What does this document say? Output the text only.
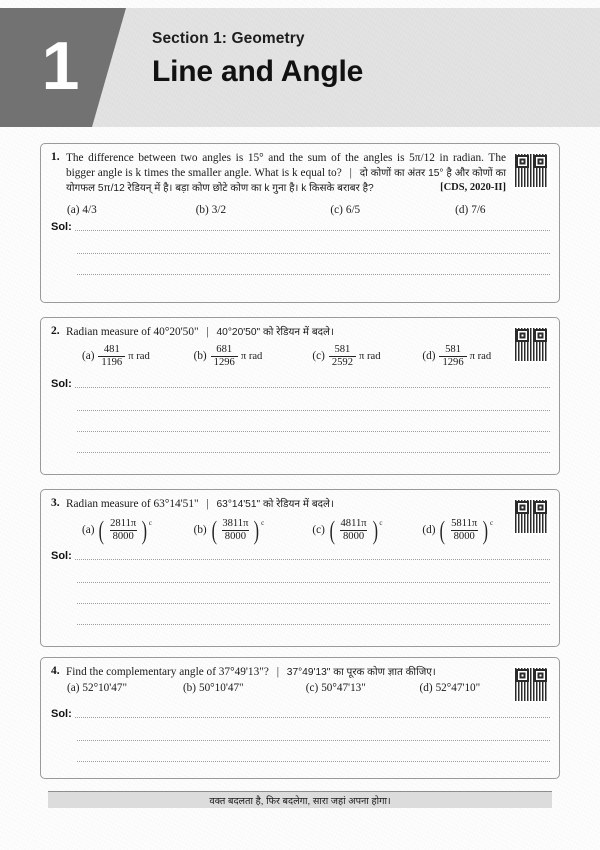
1	Section 1: Geometry
Line and Angle
1. The difference between two angles is 15° and the sum of the angles is 5π/12 in radian. The bigger angle is k times the smaller angle. What is k equal to? | दो कोणों का अंतर 15° है और कोणों का योगफल 5π/12 रेडियन् में है। बड़ा कोण छोटे कोण का k गुना है। k किसके बराबर है?	[CDS, 2020-II]
(a) 4/3	(b) 3/2	(c) 6/5	(d) 7/6
Sol:
2. Radian measure of 40°20'50" | 40°20'50" को रेडियन में बदले।
$(a) \frac{481}{1196}$ π rad	$(b) \frac{681}{1296}$ π rad	$(c) \frac{581}{2592}$ π rad	$(d) \frac{581}{1296}$ π rad
Sol:
3. Radian measure of 63°14'51" | 63°14'51" को रेडियन में बदले।
(a) ( $\frac{2811\pi}{8000}$ ) c
(b) ( $\frac{3811\pi}{8000}$ ) c
(c) ( $\frac{4811\pi}{8000}$ ) c
(d) ( $\frac{5811\pi}{8000}$ ) c
Sol:
4. Find the complementary angle of 37°49'13"? | 37°49'13" का पूरक कोण ज्ञात कीजिए।
(a) 52°10'47"	(b) 50°10'47"	(c) 50°47'13"	(d) 52°47'10"
Sol:
वक्त बदलता है, फिर बदलेगा, सारा जहां अपना होगा।
